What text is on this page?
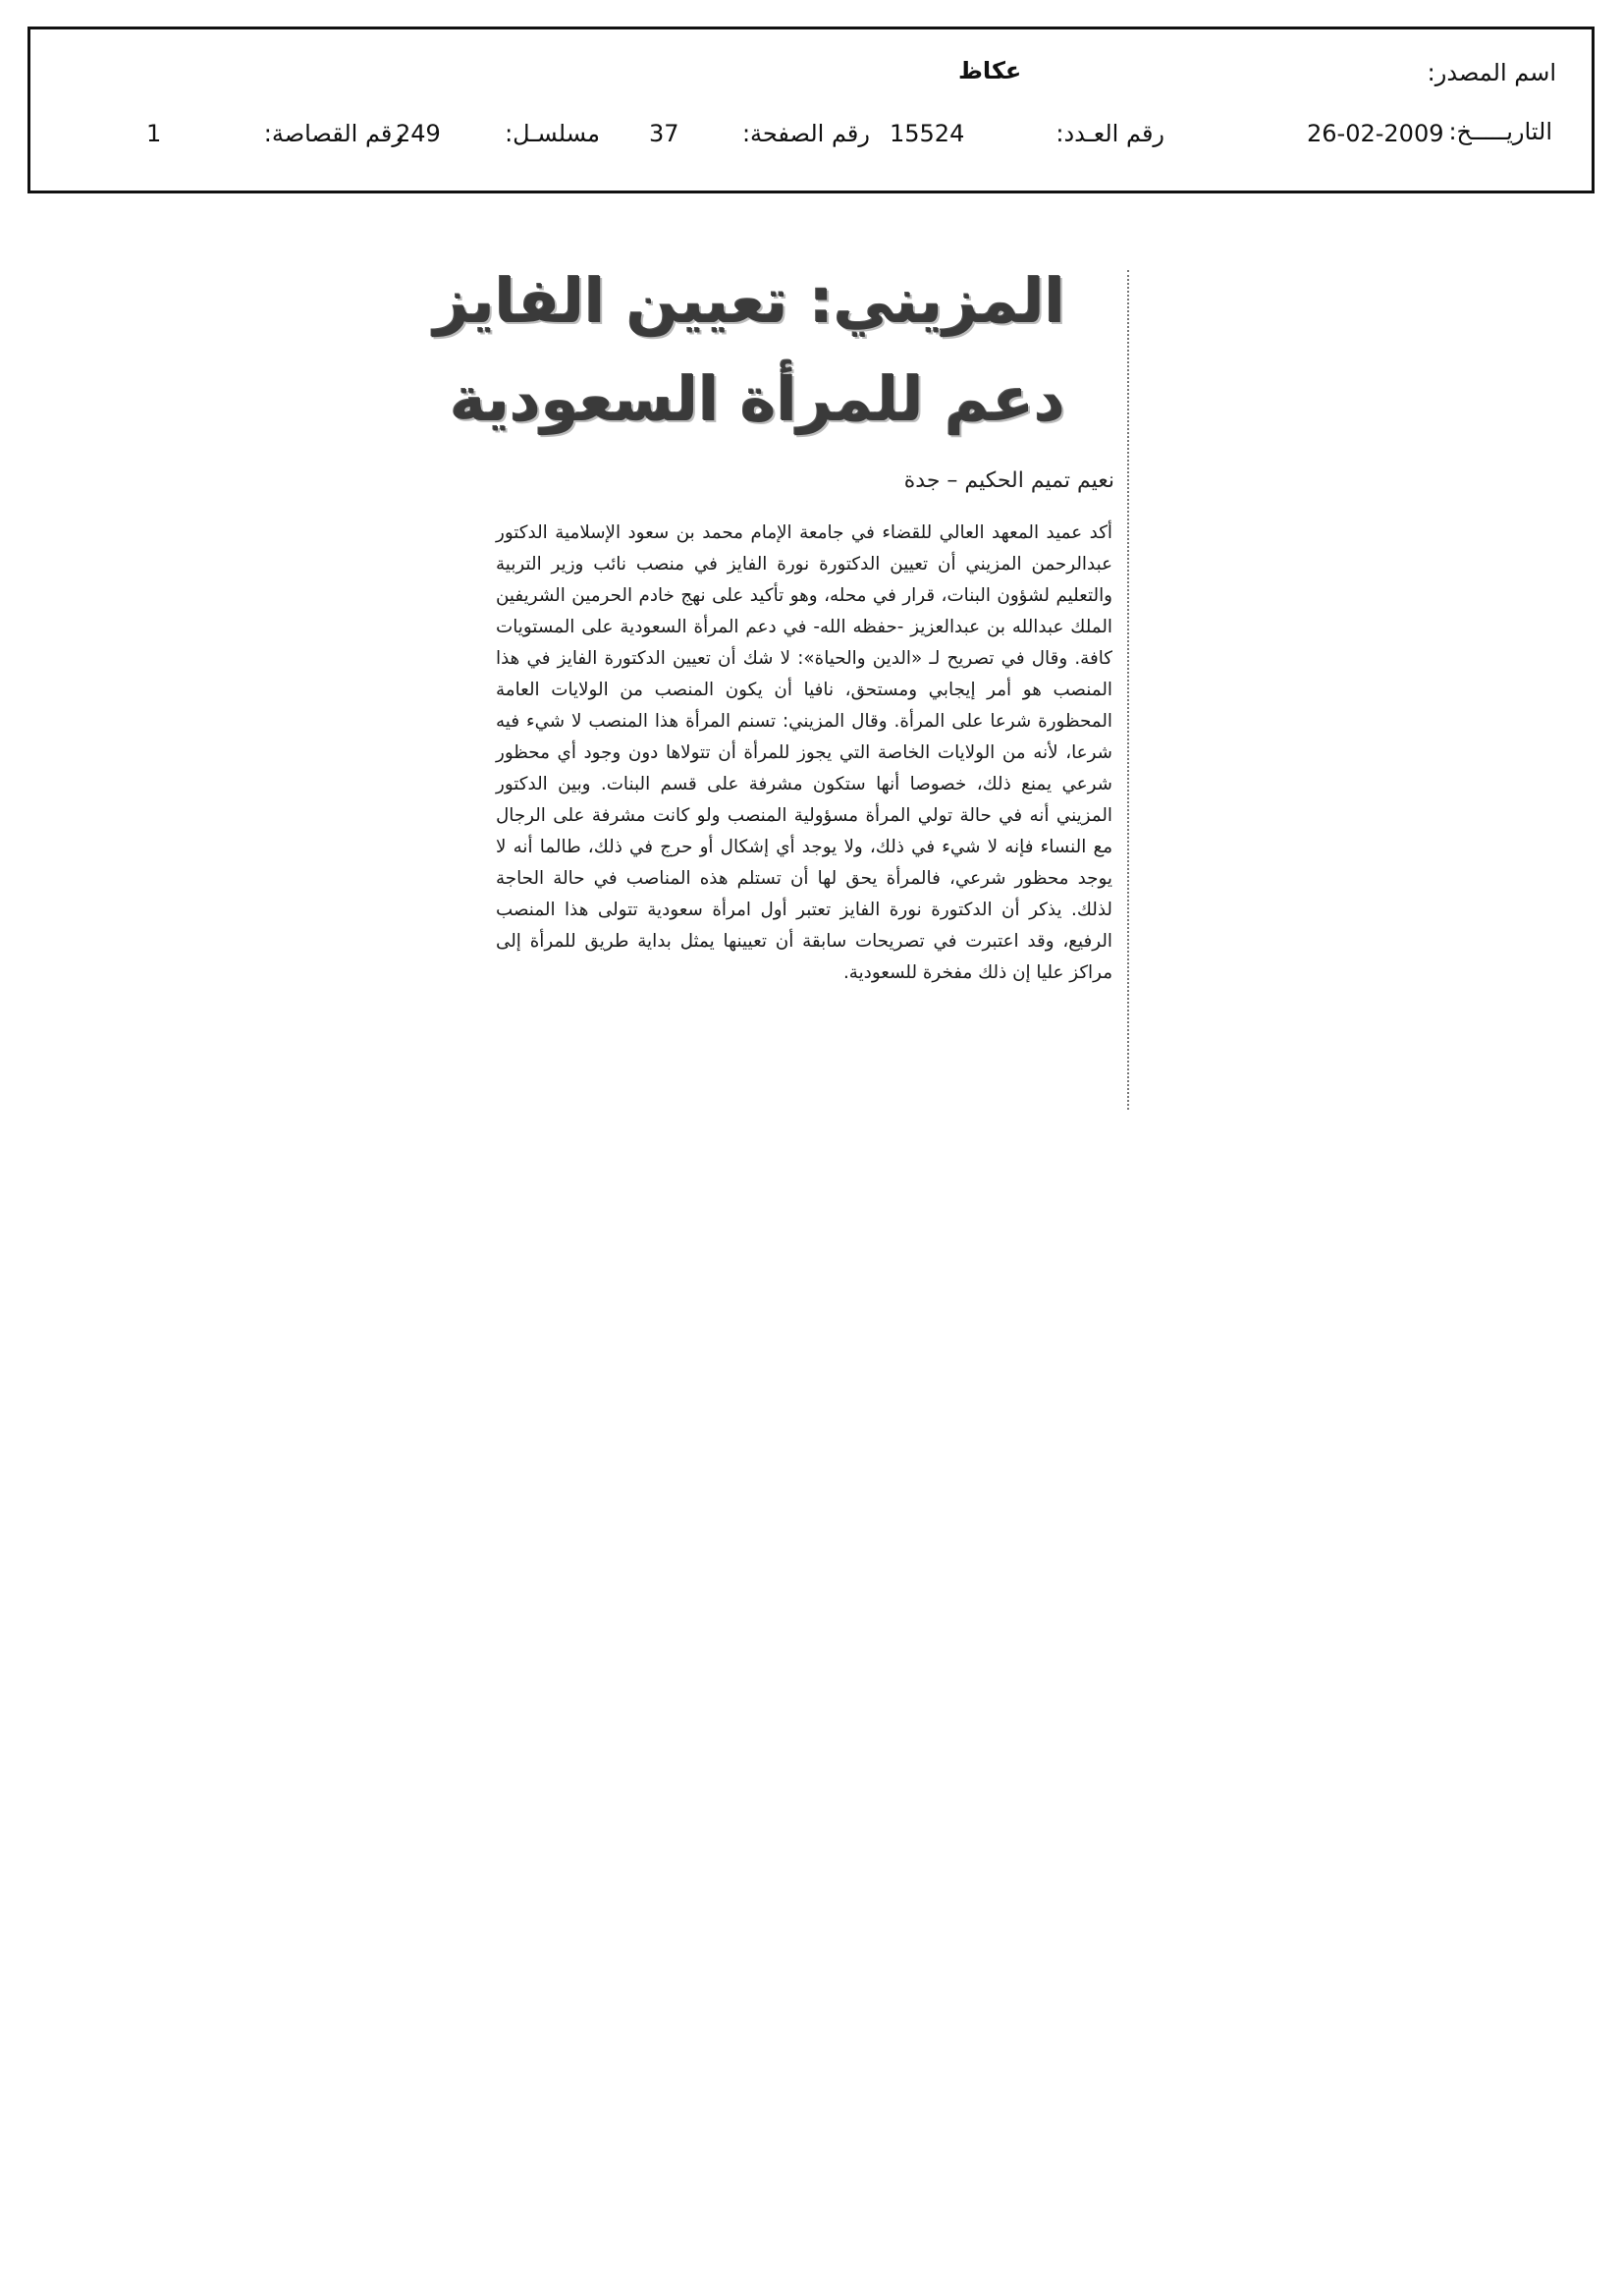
اسم المصدر:
عكاظ
التاريـــــخ:
26-02-2009
رقم العـدد:
15524
رقم الصفحة:
37
مسلسـل:
249
رقم القصاصة:
1
المزيني: تعيين الفايز
دعم للمرأة السعودية
نعيم تميم الحكيم – جدة

أكد عميد المعهد العالي للقضاء في جامعة الإمام محمد بن سعود الإسلامية الدكتور عبدالرحمن المزيني أن تعيين الدكتورة نورة الفايز في منصب نائب وزير التربية والتعليم لشؤون البنات، قرار في محله، وهو تأكيد على نهج خادم الحرمين الشريفين الملك عبدالله بن عبدالعزيز -حفظه الله- في دعم المرأة السعودية على المستويات كافة. وقال في تصريح لـ «الدين والحياة»: لا شك أن تعيين الدكتورة الفايز في هذا المنصب هو أمر إيجابي ومستحق، نافيا أن يكون المنصب من الولايات العامة المحظورة شرعا على المرأة. وقال المزيني: تسنم المرأة هذا المنصب لا شيء فيه شرعا، لأنه من الولايات الخاصة التي يجوز للمرأة أن تتولاها دون وجود أي محظور شرعي يمنع ذلك، خصوصا أنها ستكون مشرفة على قسم البنات. وبين الدكتور المزيني أنه في حالة تولي المرأة مسؤولية المنصب ولو كانت مشرفة على الرجال مع النساء فإنه لا شيء في ذلك، ولا يوجد أي إشكال أو حرج في ذلك، طالما أنه لا يوجد محظور شرعي، فالمرأة يحق لها أن تستلم هذه المناصب في حالة الحاجة لذلك. يذكر أن الدكتورة نورة الفايز تعتبر أول امرأة سعودية تتولى هذا المنصب الرفيع، وقد اعتبرت في تصريحات سابقة أن تعيينها يمثل بداية طريق للمرأة إلى مراكز عليا إن ذلك مفخرة للسعودية.
